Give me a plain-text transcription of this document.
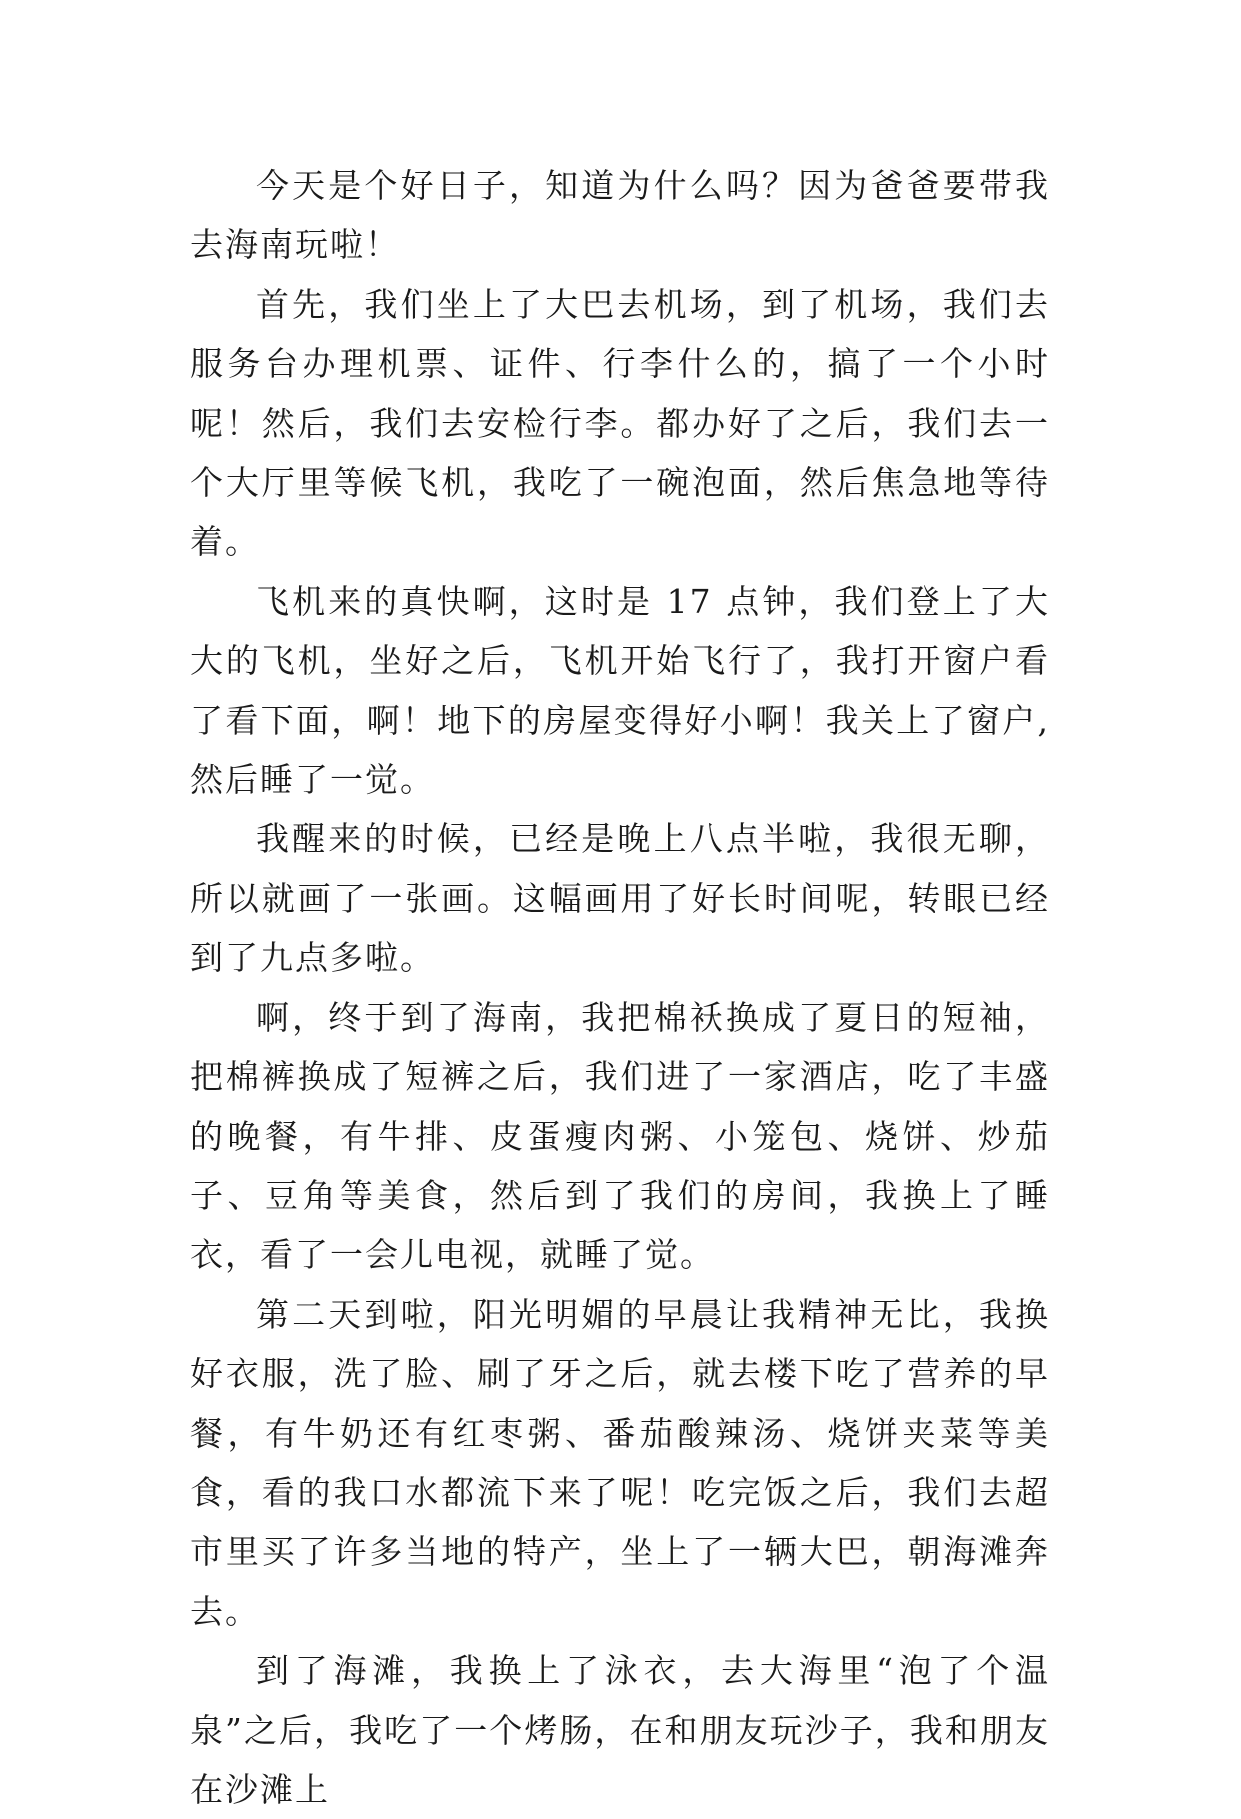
今天是个好日子，知道为什么吗？因为爸爸要带我去海南玩啦！

首先，我们坐上了大巴去机场，到了机场，我们去服务台办理机票、证件、行李什么的，搞了一个小时呢！然后，我们去安检行李。都办好了之后，我们去一个大厅里等候飞机，我吃了一碗泡面，然后焦急地等待着。

飞机来的真快啊，这时是 17 点钟，我们登上了大大的飞机，坐好之后，飞机开始飞行了，我打开窗户看了看下面，啊！地下的房屋变得好小啊！我关上了窗户,然后睡了一觉。

我醒来的时候，已经是晚上八点半啦，我很无聊，所以就画了一张画。这幅画用了好长时间呢，转眼已经到了九点多啦。

啊，终于到了海南，我把棉袄换成了夏日的短袖，把棉裤换成了短裤之后，我们进了一家酒店，吃了丰盛的晚餐，有牛排、皮蛋瘦肉粥、小笼包、烧饼、炒茄子、豆角等美食，然后到了我们的房间，我换上了睡衣，看了一会儿电视，就睡了觉。

第二天到啦，阳光明媚的早晨让我精神无比，我换好衣服，洗了脸、刷了牙之后，就去楼下吃了营养的早餐，有牛奶还有红枣粥、番茄酸辣汤、烧饼夹菜等美食，看的我口水都流下来了呢！吃完饭之后，我们去超市里买了许多当地的特产，坐上了一辆大巴，朝海滩奔去。

到了海滩，我换上了泳衣，去大海里“泡了个温泉”之后，我吃了一个烤肠，在和朋友玩沙子，我和朋友在沙滩上
